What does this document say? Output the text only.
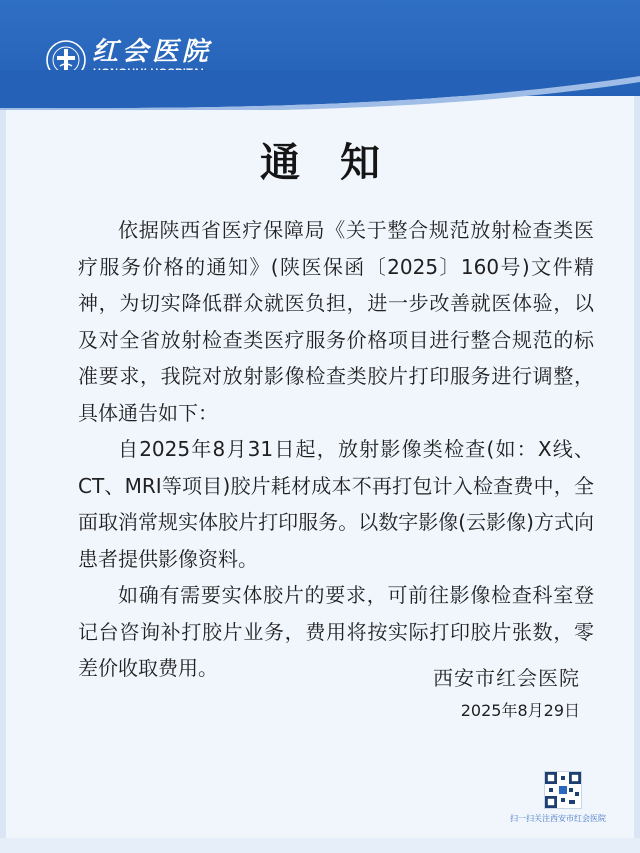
红会医院
通知

依据陕西省医疗保障局《关于整合规范放射检查类医疗服务价格的通知》(陕医保函〔2025〕160号)文件精神，为切实降低群众就医负担，进一步改善就医体验，以及对全省放射检查类医疗服务价格项目进行整合规范的标准要求，我院对放射影像检查类胶片打印服务进行调整，具体通告如下：

自2025年8月31日起，放射影像类检查(如：X线、CT、MRI等项目)胶片耗材成本不再打包计入检查费中，全面取消常规实体胶片打印服务。以数字影像(云影像)方式向患者提供影像资料。

如确有需要实体胶片的要求，可前往影像检查科室登记台咨询补打胶片业务，费用将按实际打印胶片张数，零差价收取费用。	西安市红会医院
2025年8月29日
扫一扫关注西安市红会医院
